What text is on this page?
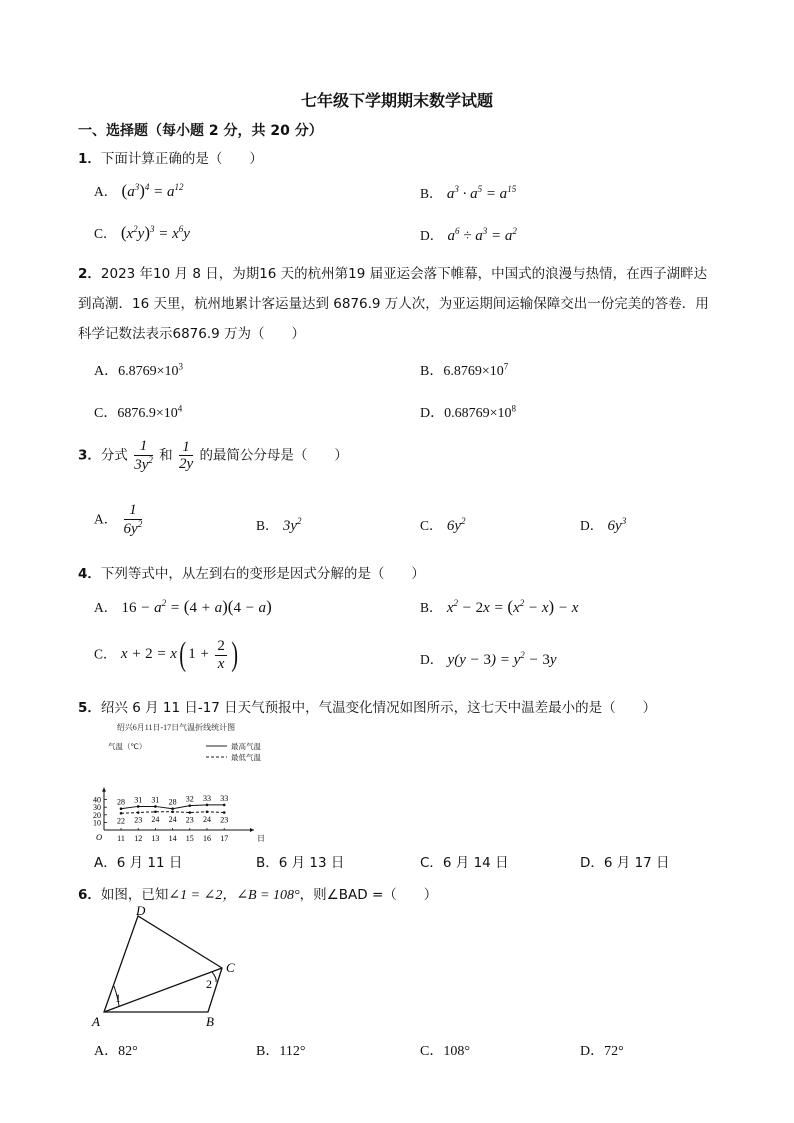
七年级下学期期末数学试题
一、选择题（每小题 2 分，共 20 分）
1．下面计算正确的是（　　）
A． $(a^3)^4 = a^{12}$	B． $a^3 \cdot a^5 = a^{15}$
C． $(x^2y)^3 = x^6y$	D． $a^6 \div a^3 = a^2$
2．2023 年10 月 8 日，为期16 天的杭州第19 届亚运会落下帷幕，中国式的浪漫与热情，在西子湖畔达
到高潮．16 天里，杭州地累计客运量达到 6876.9 万人次，为亚运期间运输保障交出一份完美的答卷．用
科学记数法表示6876.9 万为（　　）
A．$6.8769\times 10^3$	B．$6.8769\times 10^7$
C．$6876.9\times 10^4$	D．$0.68769\times 10^8$
3．分式 $\frac{1}{3y^2}$ 和 $\frac{1}{2y}$ 的最简公分母是（　　）
A． $\frac{1}{6y^2}$	B． $3y^2$	C． $6y^2$	D． $6y^3$
4．下列等式中，从左到右的变形是因式分解的是（　　）
A． $16 - a^2 = (4 + a)(4 - a)$	B． $x^2 - 2x = (x^2 - x) - x$
C． x + 2 = x( $1 + \frac{2}{x}$ )	D． $y(y - 3) = y^2 - 3y$
5．绍兴 6 月 11 日-17 日天气预报中，气温变化情况如图所示，这七天中温差最小的是（　　）
绍兴6月11日-17日气温折线统计图
气温（℃）	最高气温
最低气温
10
20
30
40
O 11 12 13 14 15 16 17	日
28 31 31 28 32 33 33
22 23 24 24 23 24 23
A．6 月 11 日	B．6 月 13 日	C．6 月 14 日	D．6 月 17 日
6．如图，已知∠1 = ∠2，∠B = 108°，则∠BAD =（　　）
D
C
A	B
1
2
A．82°	B．112°	C．108°	D．72°
